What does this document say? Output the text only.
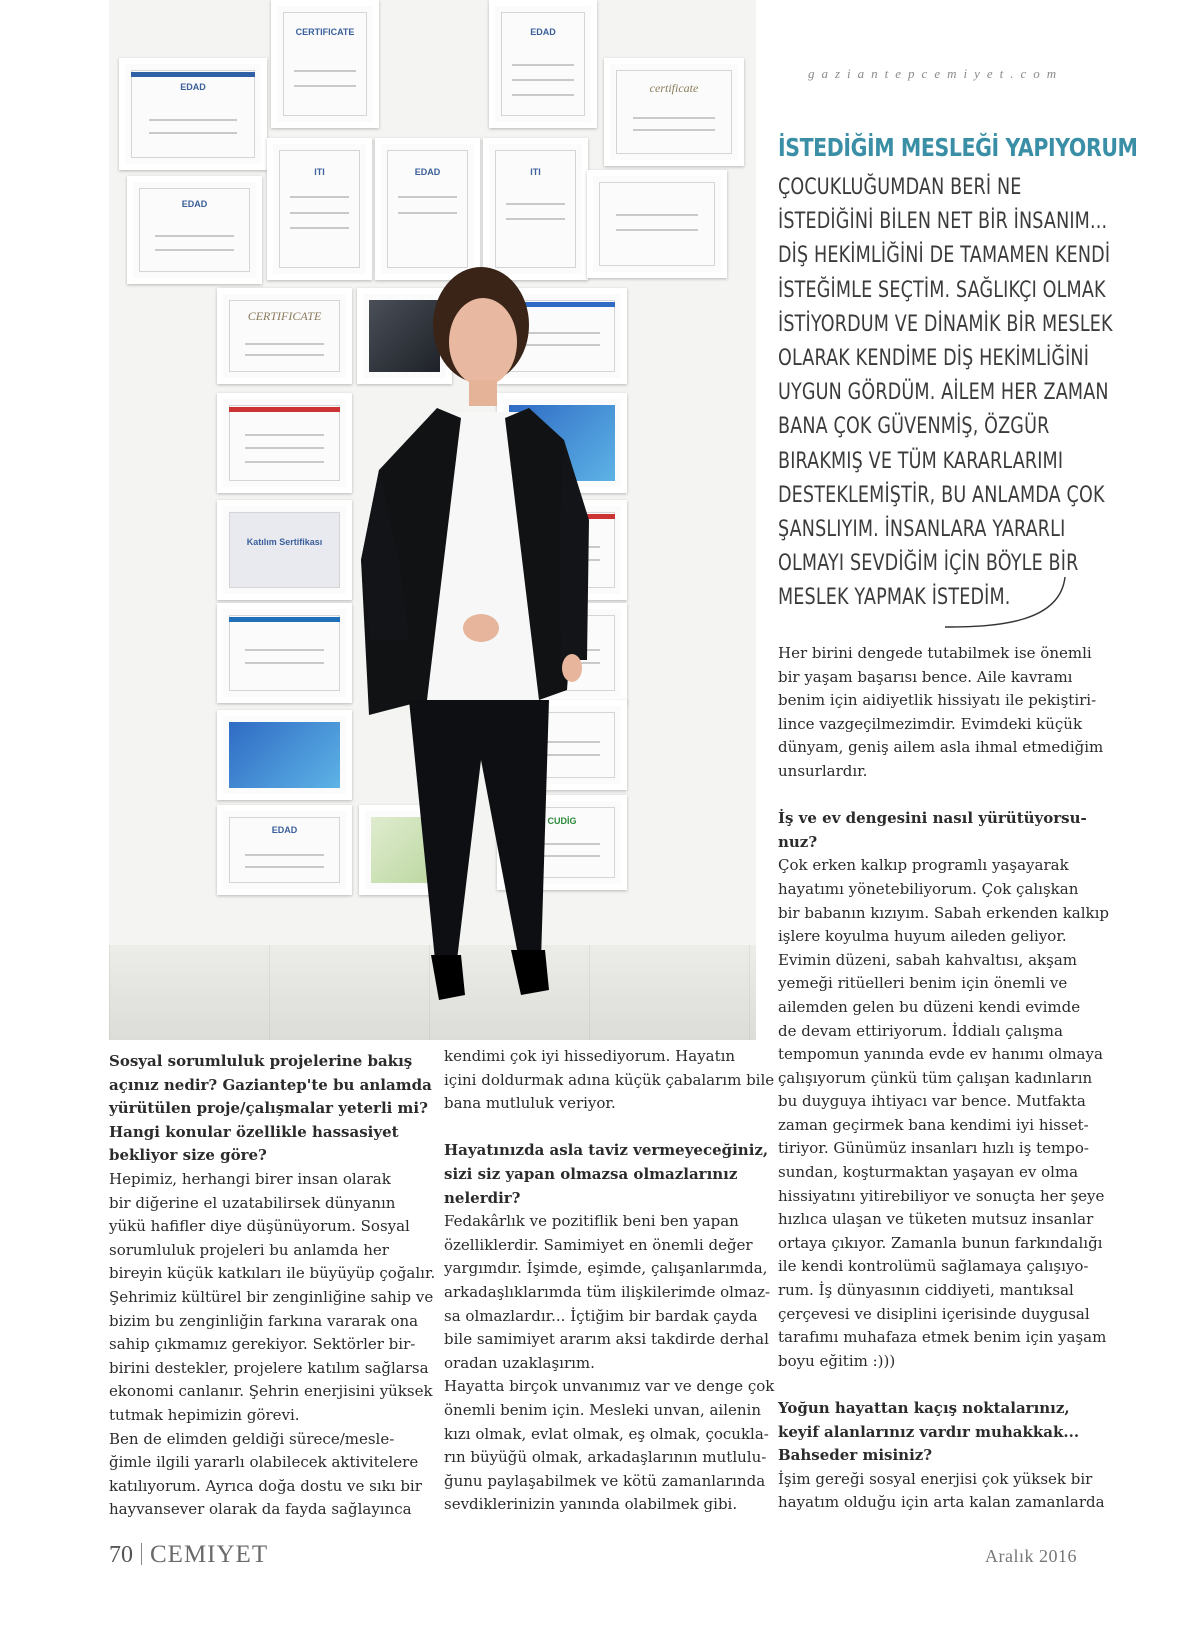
gaziantepcemiyet.com
CERTIFICATE	EDAD
EDAD	certificate
EDAD
ITI	EDAD	ITI
CERTIFICATE
Katılım Sertifikası
EDAD
CUDİG
İSTEDİĞİM MESLEĞİ YAPIYORUM
ÇOCUKLUĞUMDAN BERİ NE
İSTEDİĞİNİ BİLEN NET BİR İNSANIM...
DİŞ HEKİMLİĞİNİ DE TAMAMEN KENDİ
İSTEĞİMLE SEÇTİM. SAĞLIKÇI OLMAK
İSTİYORDUM VE DİNAMİK BİR MESLEK
OLARAK KENDİME DİŞ HEKİMLİĞİNİ
UYGUN GÖRDÜM. AİLEM HER ZAMAN
BANA ÇOK GÜVENMİŞ, ÖZGÜR
BIRAKMIŞ VE TÜM KARARLARIMI
DESTEKLEMİŞTİR, BU ANLAMDA ÇOK
ŞANSLIYIM. İNSANLARA YARARLI
OLMAYI SEVDİĞİM İÇİN BÖYLE BİR
MESLEK YAPMAK İSTEDİM.

Sosyal sorumluluk projelerine bakış
açınız nedir? Gaziantep'te bu anlamda
yürütülen proje/çalışmalar yeterli mi?
Hangi konular özellikle hassasiyet
bekliyor size göre?

Hepimiz, herhangi birer insan olarak
bir diğerine el uzatabilirsek dünyanın
yükü hafifler diye düşünüyorum. Sosyal
sorumluluk projeleri bu anlamda her
bireyin küçük katkıları ile büyüyüp çoğalır.
Şehrimiz kültürel bir zenginliğine sahip ve
bizim bu zenginliğin farkına vararak ona
sahip çıkmamız gerekiyor. Sektörler bir-
birini destekler, projelere katılım sağlarsa
ekonomi canlanır. Şehrin enerjisini yüksek
tutmak hepimizin görevi.
Ben de elimden geldiği sürece/mesle-
ğimle ilgili yararlı olabilecek aktivitelere
katılıyorum. Ayrıca doğa dostu ve sıkı bir
hayvansever olarak da fayda sağlayınca

kendimi çok iyi hissediyorum. Hayatın
içini doldurmak adına küçük çabalarım bile
bana mutluluk veriyor.

Hayatınızda asla taviz vermeyeceğiniz,
sizi siz yapan olmazsa olmazlarınız
nelerdir?

Fedakârlık ve pozitiflik beni ben yapan
özelliklerdir. Samimiyet en önemli değer
yargımdır. İşimde, eşimde, çalışanlarımda,
arkadaşlıklarımda tüm ilişkilerimde olmaz-
sa olmazlardır... İçtiğim bir bardak çayda
bile samimiyet ararım aksi takdirde derhal
oradan uzaklaşırım.
Hayatta birçok unvanımız var ve denge çok
önemli benim için. Mesleki unvan, ailenin
kızı olmak, evlat olmak, eş olmak, çocukla-
rın büyüğü olmak, arkadaşlarının mutlulu-
ğunu paylaşabilmek ve kötü zamanlarında
sevdiklerinizin yanında olabilmek gibi.

Her birini dengede tutabilmek ise önemli
bir yaşam başarısı bence. Aile kavramı
benim için aidiyetlik hissiyatı ile pekiştiri-
lince vazgeçilmezimdir. Evimdeki küçük
dünyam, geniş ailem asla ihmal etmediğim
unsurlardır.

İş ve ev dengesini nasıl yürütüyorsu-
nuz?

Çok erken kalkıp programlı yaşayarak
hayatımı yönetebiliyorum. Çok çalışkan
bir babanın kızıyım. Sabah erkenden kalkıp
işlere koyulma huyum aileden geliyor.
Evimin düzeni, sabah kahvaltısı, akşam
yemeği ritüelleri benim için önemli ve
ailemden gelen bu düzeni kendi evimde
de devam ettiriyorum. İddialı çalışma
tempomun yanında evde ev hanımı olmaya
çalışıyorum çünkü tüm çalışan kadınların
bu duyguya ihtiyacı var bence. Mutfakta
zaman geçirmek bana kendimi iyi hisset-
tiriyor. Günümüz insanları hızlı iş tempo-
sundan, koşturmaktan yaşayan ev olma
hissiyatını yitirebiliyor ve sonuçta her şeye
hızlıca ulaşan ve tüketen mutsuz insanlar
ortaya çıkıyor. Zamanla bunun farkındalığı
ile kendi kontrolümü sağlamaya çalışıyo-
rum. İş dünyasının ciddiyeti, mantıksal
çerçevesi ve disiplini içerisinde duygusal
tarafımı muhafaza etmek benim için yaşam
boyu eğitim :)))

Yoğun hayattan kaçış noktalarınız,
keyif alanlarınız vardır muhakkak...
Bahseder misiniz?

İşim gereği sosyal enerjisi çok yüksek bir
hayatım olduğu için arta kalan zamanlarda

70 CEMIYET	Aralık 2016
